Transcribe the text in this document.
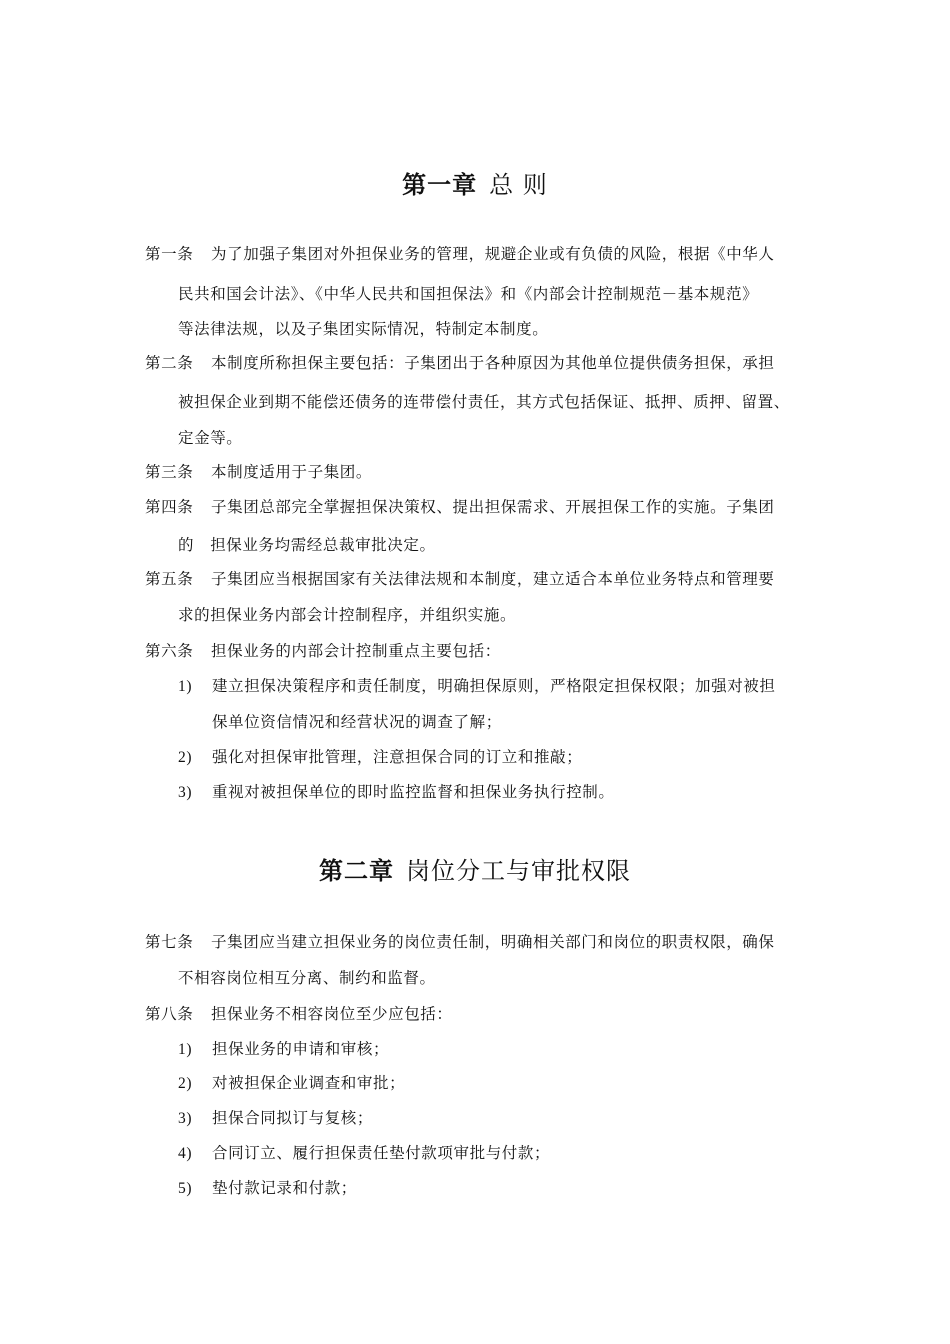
第一章 总 则
第一条 为了加强子集团对外担保业务的管理，规避企业或有负债的风险，根据《中华人
民共和国会计法》、《中华人民共和国担保法》和《内部会计控制规范－基本规范》
等法律法规，以及子集团实际情况，特制定本制度。
第二条 本制度所称担保主要包括：子集团出于各种原因为其他单位提供债务担保，承担
被担保企业到期不能偿还债务的连带偿付责任，其方式包括保证、抵押、质押、留置、
定金等。
第三条 本制度适用于子集团。
第四条 子集团总部完全掌握担保决策权、提出担保需求、开展担保工作的实施。子集团
的　担保业务均需经总裁审批决定。
第五条 子集团应当根据国家有关法律法规和本制度，建立适合本单位业务特点和管理要
求的担保业务内部会计控制程序，并组织实施。
第六条 担保业务的内部会计控制重点主要包括：
1) 建立担保决策程序和责任制度，明确担保原则，严格限定担保权限；加强对被担
保单位资信情况和经营状况的调查了解；
2) 强化对担保审批管理，注意担保合同的订立和推敲；
3) 重视对被担保单位的即时监控监督和担保业务执行控制。
第二章 岗位分工与审批权限
第七条 子集团应当建立担保业务的岗位责任制，明确相关部门和岗位的职责权限，确保
不相容岗位相互分离、制约和监督。
第八条 担保业务不相容岗位至少应包括：
1) 担保业务的申请和审核；
2) 对被担保企业调查和审批；
3) 担保合同拟订与复核；
4) 合同订立、履行担保责任垫付款项审批与付款；
5) 垫付款记录和付款；
